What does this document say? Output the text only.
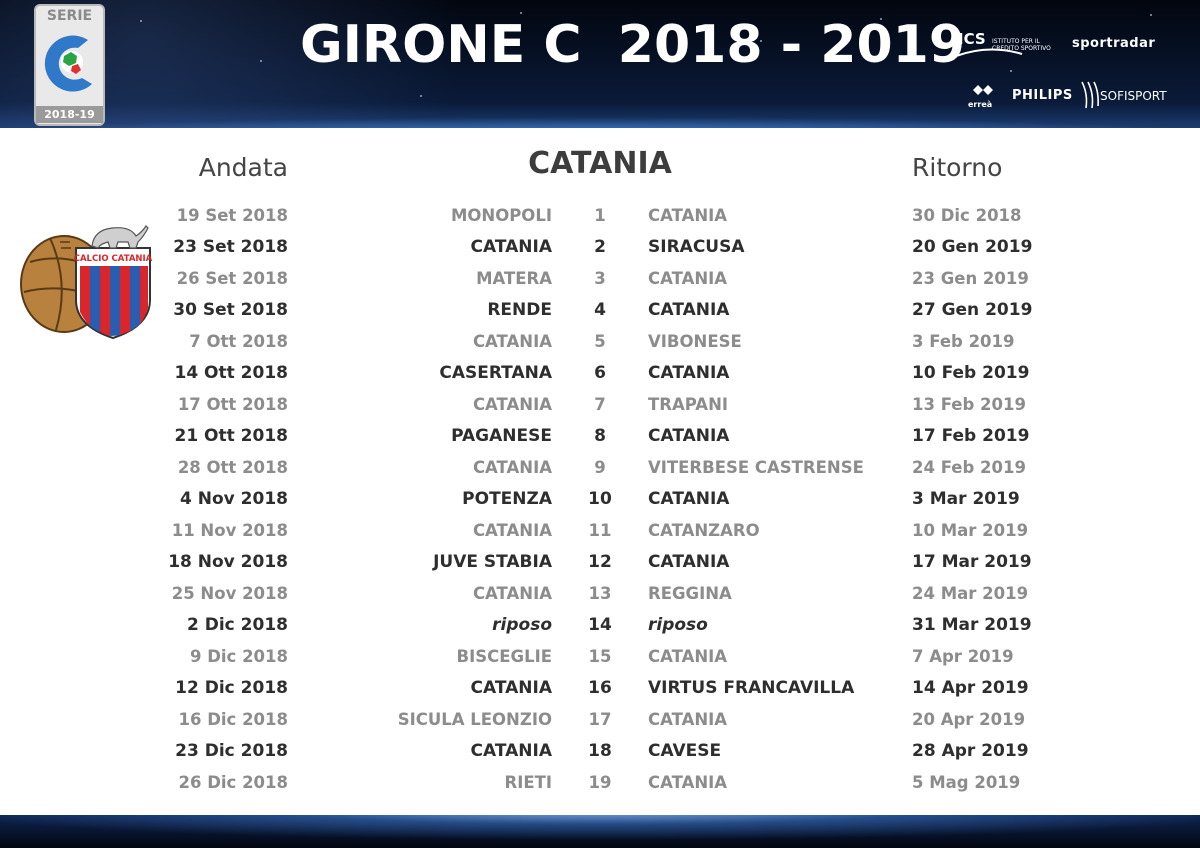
SERIE
2018-19
GIRONE C  2018 - 2019
ICS ISTITUTO PER IL CREDITO SPORTIVO	sportradar
erreà
PHILIPS SOFISPORT
Andata	CATANIA	Ritorno
CALCIO CATANIA
19 Set 2018	MONOPOLI	1	CATANIA	30 Dic 2018
23 Set 2018	CATANIA	2	SIRACUSA	20 Gen 2019
26 Set 2018	MATERA	3	CATANIA	23 Gen 2019
30 Set 2018	RENDE	4	CATANIA	27 Gen 2019
7 Ott 2018	CATANIA	5	VIBONESE	3 Feb 2019
14 Ott 2018	CASERTANA	6	CATANIA	10 Feb 2019
17 Ott 2018	CATANIA	7	TRAPANI	13 Feb 2019
21 Ott 2018	PAGANESE	8	CATANIA	17 Feb 2019
28 Ott 2018	CATANIA	9	VITERBESE CASTRENSE	24 Feb 2019
4 Nov 2018	POTENZA	10	CATANIA	3 Mar 2019
11 Nov 2018	CATANIA	11	CATANZARO	10 Mar 2019
18 Nov 2018	JUVE STABIA	12	CATANIA	17 Mar 2019
25 Nov 2018	CATANIA	13	REGGINA	24 Mar 2019
2 Dic 2018	riposo	14	riposo	31 Mar 2019
9 Dic 2018	BISCEGLIE	15	CATANIA	7 Apr 2019
12 Dic 2018	CATANIA	16	VIRTUS FRANCAVILLA	14 Apr 2019
16 Dic 2018	SICULA LEONZIO	17	CATANIA	20 Apr 2019
23 Dic 2018	CATANIA	18	CAVESE	28 Apr 2019
26 Dic 2018	RIETI	19	CATANIA	5 Mag 2019
